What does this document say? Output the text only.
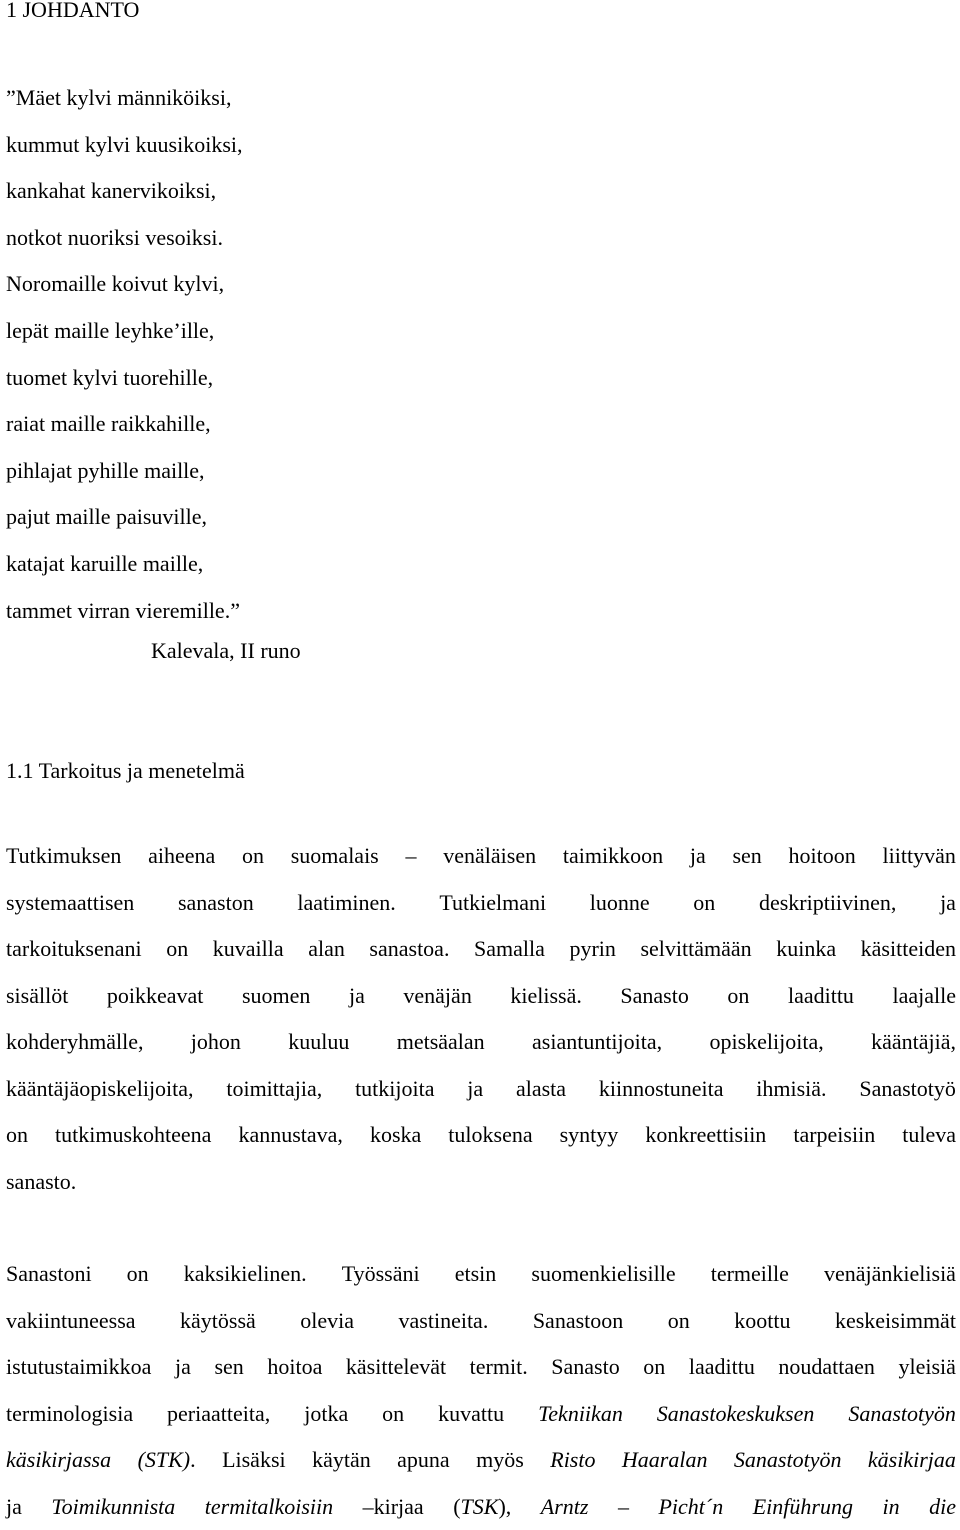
1 JOHDANTO
”Mäet kylvi männiköiksi,
kummut kylvi kuusikoiksi,
kankahat kanervikoiksi,
notkot nuoriksi vesoiksi.
Noromaille koivut kylvi,
lepät maille leyhke’ille,
tuomet kylvi tuorehille,
raiat maille raikkahille,
pihlajat pyhille maille,
pajut maille paisuville,
katajat karuille maille,
tammet virran vieremille.”
Kalevala, II runo
1.1 Tarkoitus ja menetelmä
Tutkimuksen aiheena on suomalais – venäläisen taimikkoon ja sen hoitoon liittyvän
systemaattisen sanaston laatiminen. Tutkielmani luonne on deskriptiivinen, ja
tarkoituksenani on kuvailla alan sanastoa. Samalla pyrin selvittämään kuinka käsitteiden
sisällöt poikkeavat suomen ja venäjän kielissä. Sanasto on laadittu laajalle
kohderyhmälle, johon kuuluu metsäalan asiantuntijoita, opiskelijoita, kääntäjiä,
kääntäjäopiskelijoita, toimittajia, tutkijoita ja alasta kiinnostuneita ihmisiä. Sanastotyö
on tutkimuskohteena kannustava, koska tuloksena syntyy konkreettisiin tarpeisiin tuleva
sanasto.
Sanastoni on kaksikielinen. Työssäni etsin suomenkielisille termeille venäjänkielisiä
vakiintuneessa käytössä olevia vastineita. Sanastoon on koottu keskeisimmät
istutustaimikkoa ja sen hoitoa käsittelevät termit. Sanasto on laadittu noudattaen yleisiä
terminologisia periaatteita, jotka on kuvattu Tekniikan Sanastokeskuksen Sanastotyön
käsikirjassa (STK). Lisäksi käytän apuna myös Risto Haaralan Sanastotyön käsikirjaa
ja Toimikunnista termitalkoisiin –kirjaa (TSK), Arntz – Picht´n Einführung in die
